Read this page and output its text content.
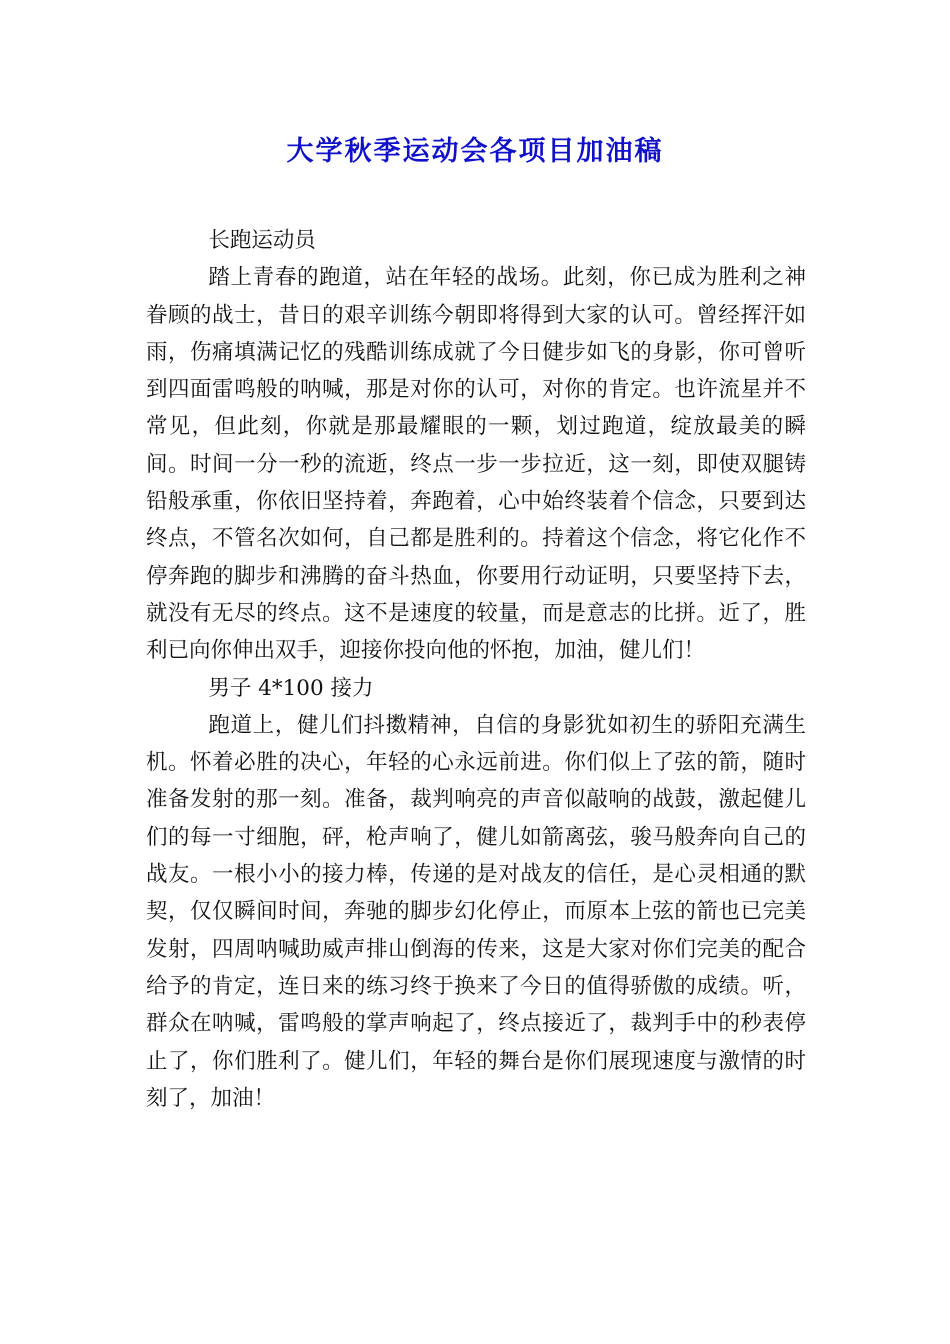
大学秋季运动会各项目加油稿

长跑运动员

踏上青春的跑道，站在年轻的战场。此刻，你已成为胜利之神眷顾的战士，昔日的艰辛训练今朝即将得到大家的认可。曾经挥汗如雨，伤痛填满记忆的残酷训练成就了今日健步如飞的身影，你可曾听到四面雷鸣般的呐喊，那是对你的认可，对你的肯定。也许流星并不常见，但此刻，你就是那最耀眼的一颗，划过跑道，绽放最美的瞬间。时间一分一秒的流逝，终点一步一步拉近，这一刻，即使双腿铸铅般承重，你依旧坚持着，奔跑着，心中始终装着个信念，只要到达终点，不管名次如何，自己都是胜利的。持着这个信念，将它化作不停奔跑的脚步和沸腾的奋斗热血，你要用行动证明，只要坚持下去，就没有无尽的终点。这不是速度的较量，而是意志的比拼。近了，胜利已向你伸出双手，迎接你投向他的怀抱，加油，健儿们！

男子 4*100 接力

跑道上，健儿们抖擞精神，自信的身影犹如初生的骄阳充满生机。怀着必胜的决心，年轻的心永远前进。你们似上了弦的箭，随时准备发射的那一刻。准备，裁判响亮的声音似敲响的战鼓，激起健儿们的每一寸细胞，砰，枪声响了，健儿如箭离弦，骏马般奔向自己的战友。一根小小的接力棒，传递的是对战友的信任，是心灵相通的默契，仅仅瞬间时间，奔驰的脚步幻化停止，而原本上弦的箭也已完美发射，四周呐喊助威声排山倒海的传来，这是大家对你们完美的配合给予的肯定，连日来的练习终于换来了今日的值得骄傲的成绩。听，群众在呐喊，雷鸣般的掌声响起了，终点接近了，裁判手中的秒表停止了，你们胜利了。健儿们，年轻的舞台是你们展现速度与激情的时刻了，加油！
